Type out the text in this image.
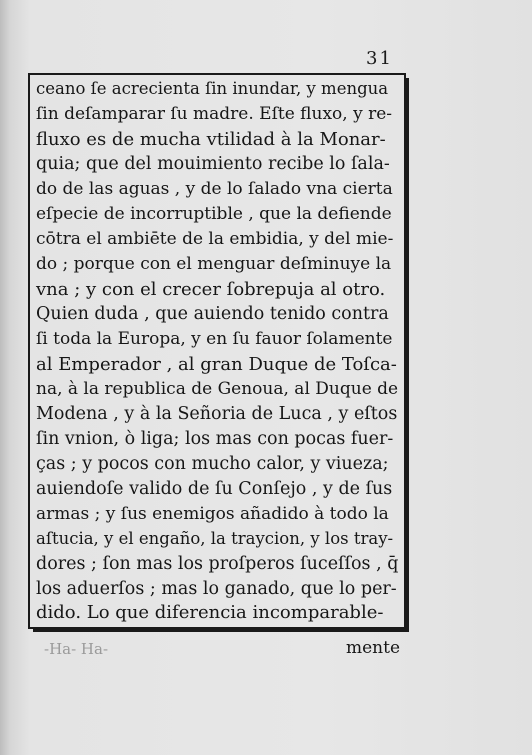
31
ceano ſe acrecienta ſin inundar, y mengua
ſin deſamparar ſu madre. Eſte fluxo, y re-
fluxo es de mucha vtilidad à la Monar-
quia; que del mouimiento recibe lo ſala-
do de las aguas , y de lo ſalado vna cierta
eſpecie de incorruptible , que la defiende
cōtra el ambiēte de la embidia, y del mie-
do ; porque con el menguar deſminuye la
vna ; y con el crecer ſobrepuja al otro.
Quien duda , que auiendo tenido contra
ſi toda la Europa, y en ſu fauor ſolamente
al Emperador , al gran Duque de Toſca-
na, à la republica de Genoua, al Duque de
Modena , y à la Señoria de Luca , y eſtos
ſin vnion, ò liga; los mas con pocas fuer-
ças ; y pocos con mucho calor, y viueza;
auiendoſe valido de ſu Conſejo , y de ſus
armas ; y ſus enemigos añadido à todo la
aſtucia, y el engaño, la traycion, y los tray-
dores ; ſon mas los proſperos ſuceſſos , q̄
los aduerſos ; mas lo ganado, que lo per-
dido. Lo que diferencia incomparable-
-Ha- Ha-	mente
